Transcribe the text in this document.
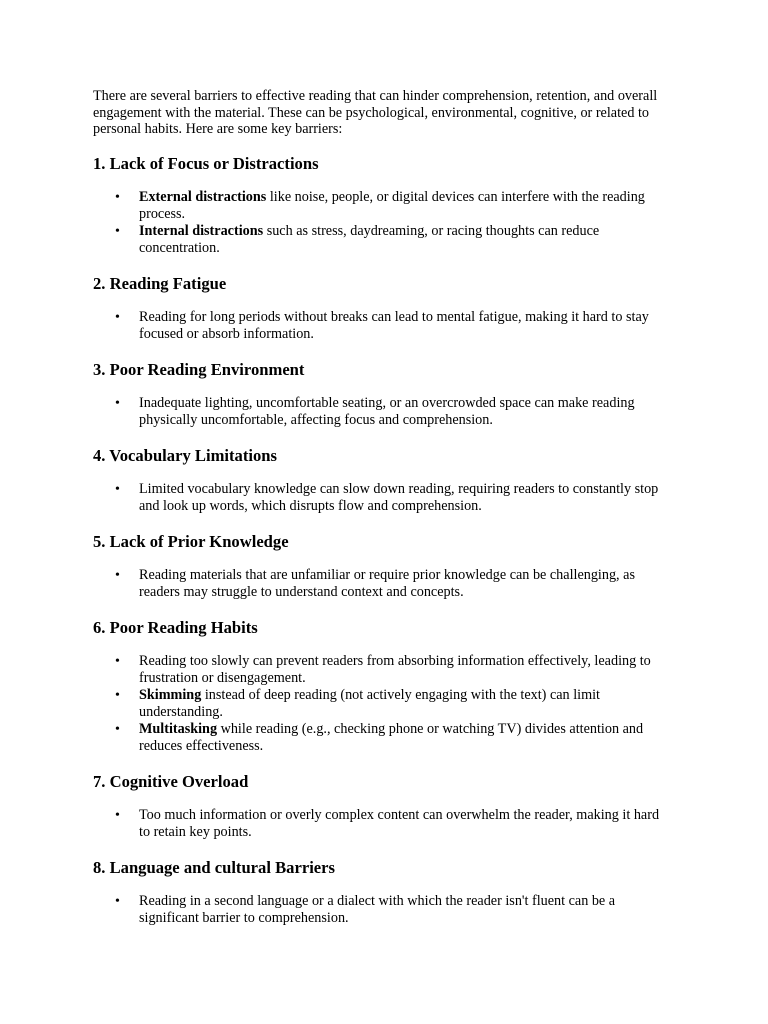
There are several barriers to effective reading that can hinder comprehension, retention, and overall engagement with the material. These can be psychological, environmental, cognitive, or related to personal habits. Here are some key barriers:

1. Lack of Focus or Distractions
• External distractions like noise, people, or digital devices can interfere with the reading process.
• Internal distractions such as stress, daydreaming, or racing thoughts can reduce concentration.
2. Reading Fatigue
• Reading for long periods without breaks can lead to mental fatigue, making it hard to stay focused or absorb information.
3. Poor Reading Environment
• Inadequate lighting, uncomfortable seating, or an overcrowded space can make reading physically uncomfortable, affecting focus and comprehension.
4. Vocabulary Limitations
• Limited vocabulary knowledge can slow down reading, requiring readers to constantly stop and look up words, which disrupts flow and comprehension.
5. Lack of Prior Knowledge
• Reading materials that are unfamiliar or require prior knowledge can be challenging, as readers may struggle to understand context and concepts.
6. Poor Reading Habits
• Reading too slowly can prevent readers from absorbing information effectively, leading to frustration or disengagement.
• Skimming instead of deep reading (not actively engaging with the text) can limit understanding.
• Multitasking while reading (e.g., checking phone or watching TV) divides attention and reduces effectiveness.
7. Cognitive Overload
• Too much information or overly complex content can overwhelm the reader, making it hard to retain key points.
8. Language and cultural Barriers
• Reading in a second language or a dialect with which the reader isn't fluent can be a significant barrier to comprehension.
